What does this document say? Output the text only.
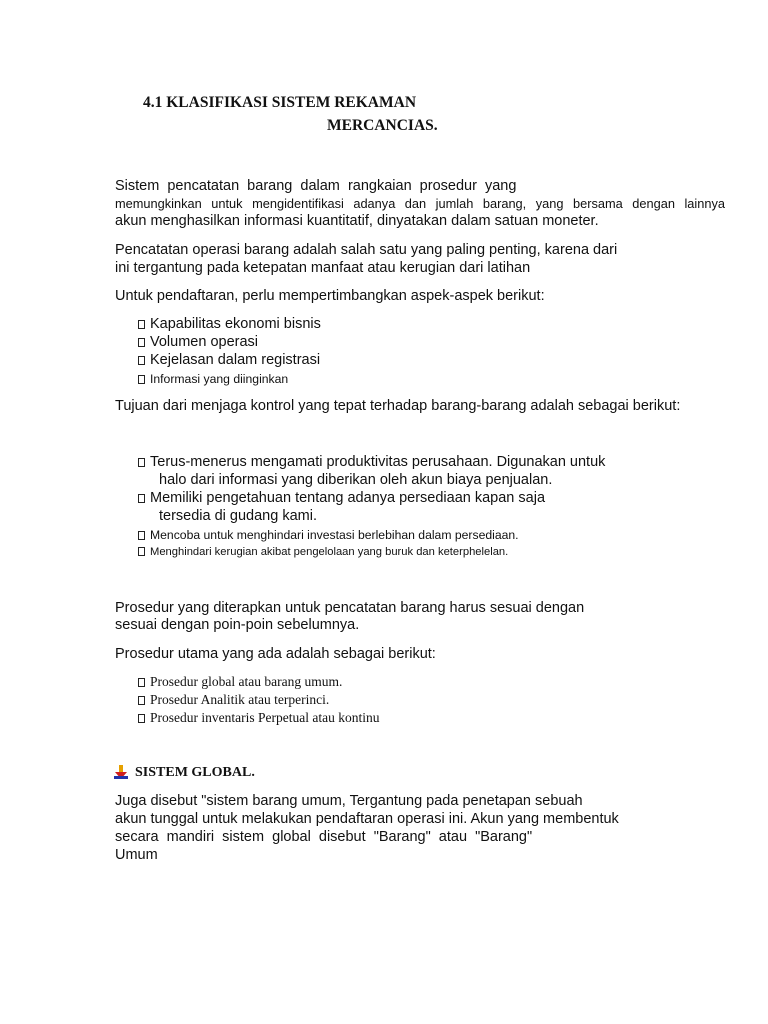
4.1 KLASIFIKASI SISTEM REKAMAN
MERCANCIAS.
Sistem  pencatatan  barang  dalam  rangkaian  prosedur  yang
memungkinkan untuk mengidentifikasi adanya dan jumlah barang, yang bersama dengan lainnya
akun menghasilkan informasi kuantitatif, dinyatakan dalam satuan moneter.
Pencatatan operasi barang adalah salah satu yang paling penting, karena dari
ini tergantung pada ketepatan manfaat atau kerugian dari latihan
Untuk pendaftaran, perlu mempertimbangkan aspek-aspek berikut:
Kapabilitas ekonomi bisnis
Volumen operasi
Kejelasan dalam registrasi
Informasi yang diinginkan
Tujuan dari menjaga kontrol yang tepat terhadap barang-barang adalah sebagai berikut:
Terus-menerus mengamati produktivitas perusahaan. Digunakan untuk
halo dari informasi yang diberikan oleh akun biaya penjualan.
Memiliki pengetahuan tentang adanya persediaan kapan saja
tersedia di gudang kami.
Mencoba untuk menghindari investasi berlebihan dalam persediaan.
Menghindari kerugian akibat pengelolaan yang buruk dan keterphelelan.
Prosedur yang diterapkan untuk pencatatan barang harus sesuai dengan
sesuai dengan poin-poin sebelumnya.
Prosedur utama yang ada adalah sebagai berikut:
Prosedur global atau barang umum.
Prosedur Analitik atau terperinci.
Prosedur inventaris Perpetual atau kontinu
SISTEM GLOBAL.
Juga disebut "sistem barang umum, Tergantung pada penetapan sebuah
akun tunggal untuk melakukan pendaftaran operasi ini. Akun yang membentuk
secara  mandiri  sistem  global  disebut  "Barang"  atau  "Barang"
Umum
